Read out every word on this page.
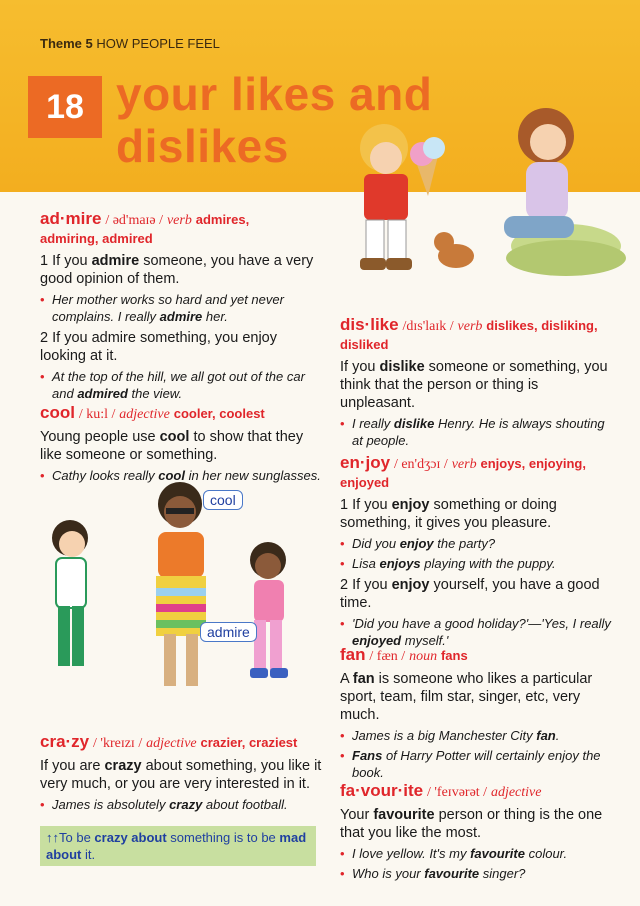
Theme 5 HOW PEOPLE FEEL
18 your likes and
dislikes
ad·mire / əd'maɪə / verb admires,
admiring, admired
1 If you admire someone, you have a very good opinion of them.
• Her mother works so hard and yet never complains. I really admire her.
2 If you admire something, you enjoy looking at it.
• At the top of the hill, we all got out of the car and admired the view.
cool / ku:l / adjective cooler, coolest
Young people use cool to show that they like someone or something.
• Cathy looks really cool in her new sunglasses.
cool
admire
cra·zy / 'kreɪzɪ / adjective crazier, craziest
If you are crazy about something, you like it very much, or you are very interested in it.
• James is absolutely crazy about football.
↑↑To be crazy about something is to be mad about it.
dis·like /dɪs'laɪk / verb dislikes, disliking,
disliked
If you dislike someone or something, you think that the person or thing is unpleasant.
• I really dislike Henry. He is always shouting at people.
en·joy / en'dʒɔɪ / verb enjoys, enjoying,
enjoyed
1 If you enjoy something or doing something, it gives you pleasure.
• Did you enjoy the party?
• Lisa enjoys playing with the puppy.
2 If you enjoy yourself, you have a good time.
• 'Did you have a good holiday?'—'Yes, I really enjoyed myself.'
fan / fæn / noun fans
A fan is someone who likes a particular sport, team, film star, singer, etc, very much.
• James is a big Manchester City fan.
• Fans of Harry Potter will certainly enjoy the book.
fa·vour·ite / 'feɪvərət / adjective
Your favourite person or thing is the one that you like the most.
• I love yellow. It's my favourite colour.
• Who is your favourite singer?
